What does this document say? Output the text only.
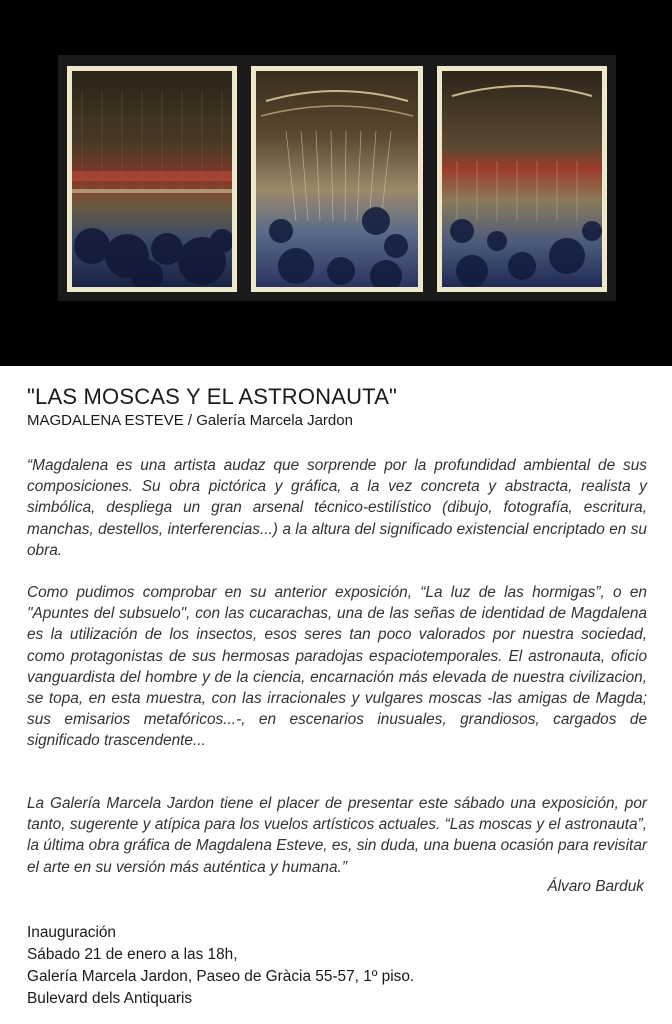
"LAS MOSCAS Y EL ASTRONAUTA"
MAGDALENA ESTEVE / Galería Marcela Jardon

“Magdalena es una artista audaz que sorprende por la profundidad ambiental de sus composiciones. Su obra pictórica y gráfica, a la vez concreta y abstracta, realista y simbólica, despliega un gran arsenal técnico-estilístico (dibujo, fotografía, escritura, manchas, destellos, interferencias...) a la altura del significado existencial encriptado en su obra.

Como pudimos comprobar en su anterior exposición, “La luz de las hormigas”, o en "Apuntes del subsuelo", con las cucarachas, una de las señas de identidad de Magdalena es la utilización de los insectos, esos seres tan poco valorados por nuestra sociedad, como protagonistas de sus hermosas paradojas espaciotemporales. El astronauta, oficio vanguardista del hombre y de la ciencia, encarnación más elevada de nuestra civilizacion, se topa, en esta muestra, con las irracionales y vulgares moscas -las amigas de Magda; sus emisarios metafóricos...-, en escenarios inusuales, grandiosos, cargados de significado trascendente...

La Galería Marcela Jardon tiene el placer de presentar este sábado una exposición, por tanto, sugerente y atípica para los vuelos artísticos actuales. “Las moscas y el astronauta”, la última obra gráfica de Magdalena Esteve, es, sin duda, una buena ocasión para revisitar el arte en su versión más auténtica y humana.”

Álvaro Barduk
Inauguración
Sábado 21 de enero a las 18h,
Galería Marcela Jardon, Paseo de Gràcia 55-57, 1º piso.
Bulevard dels Antiquaris
